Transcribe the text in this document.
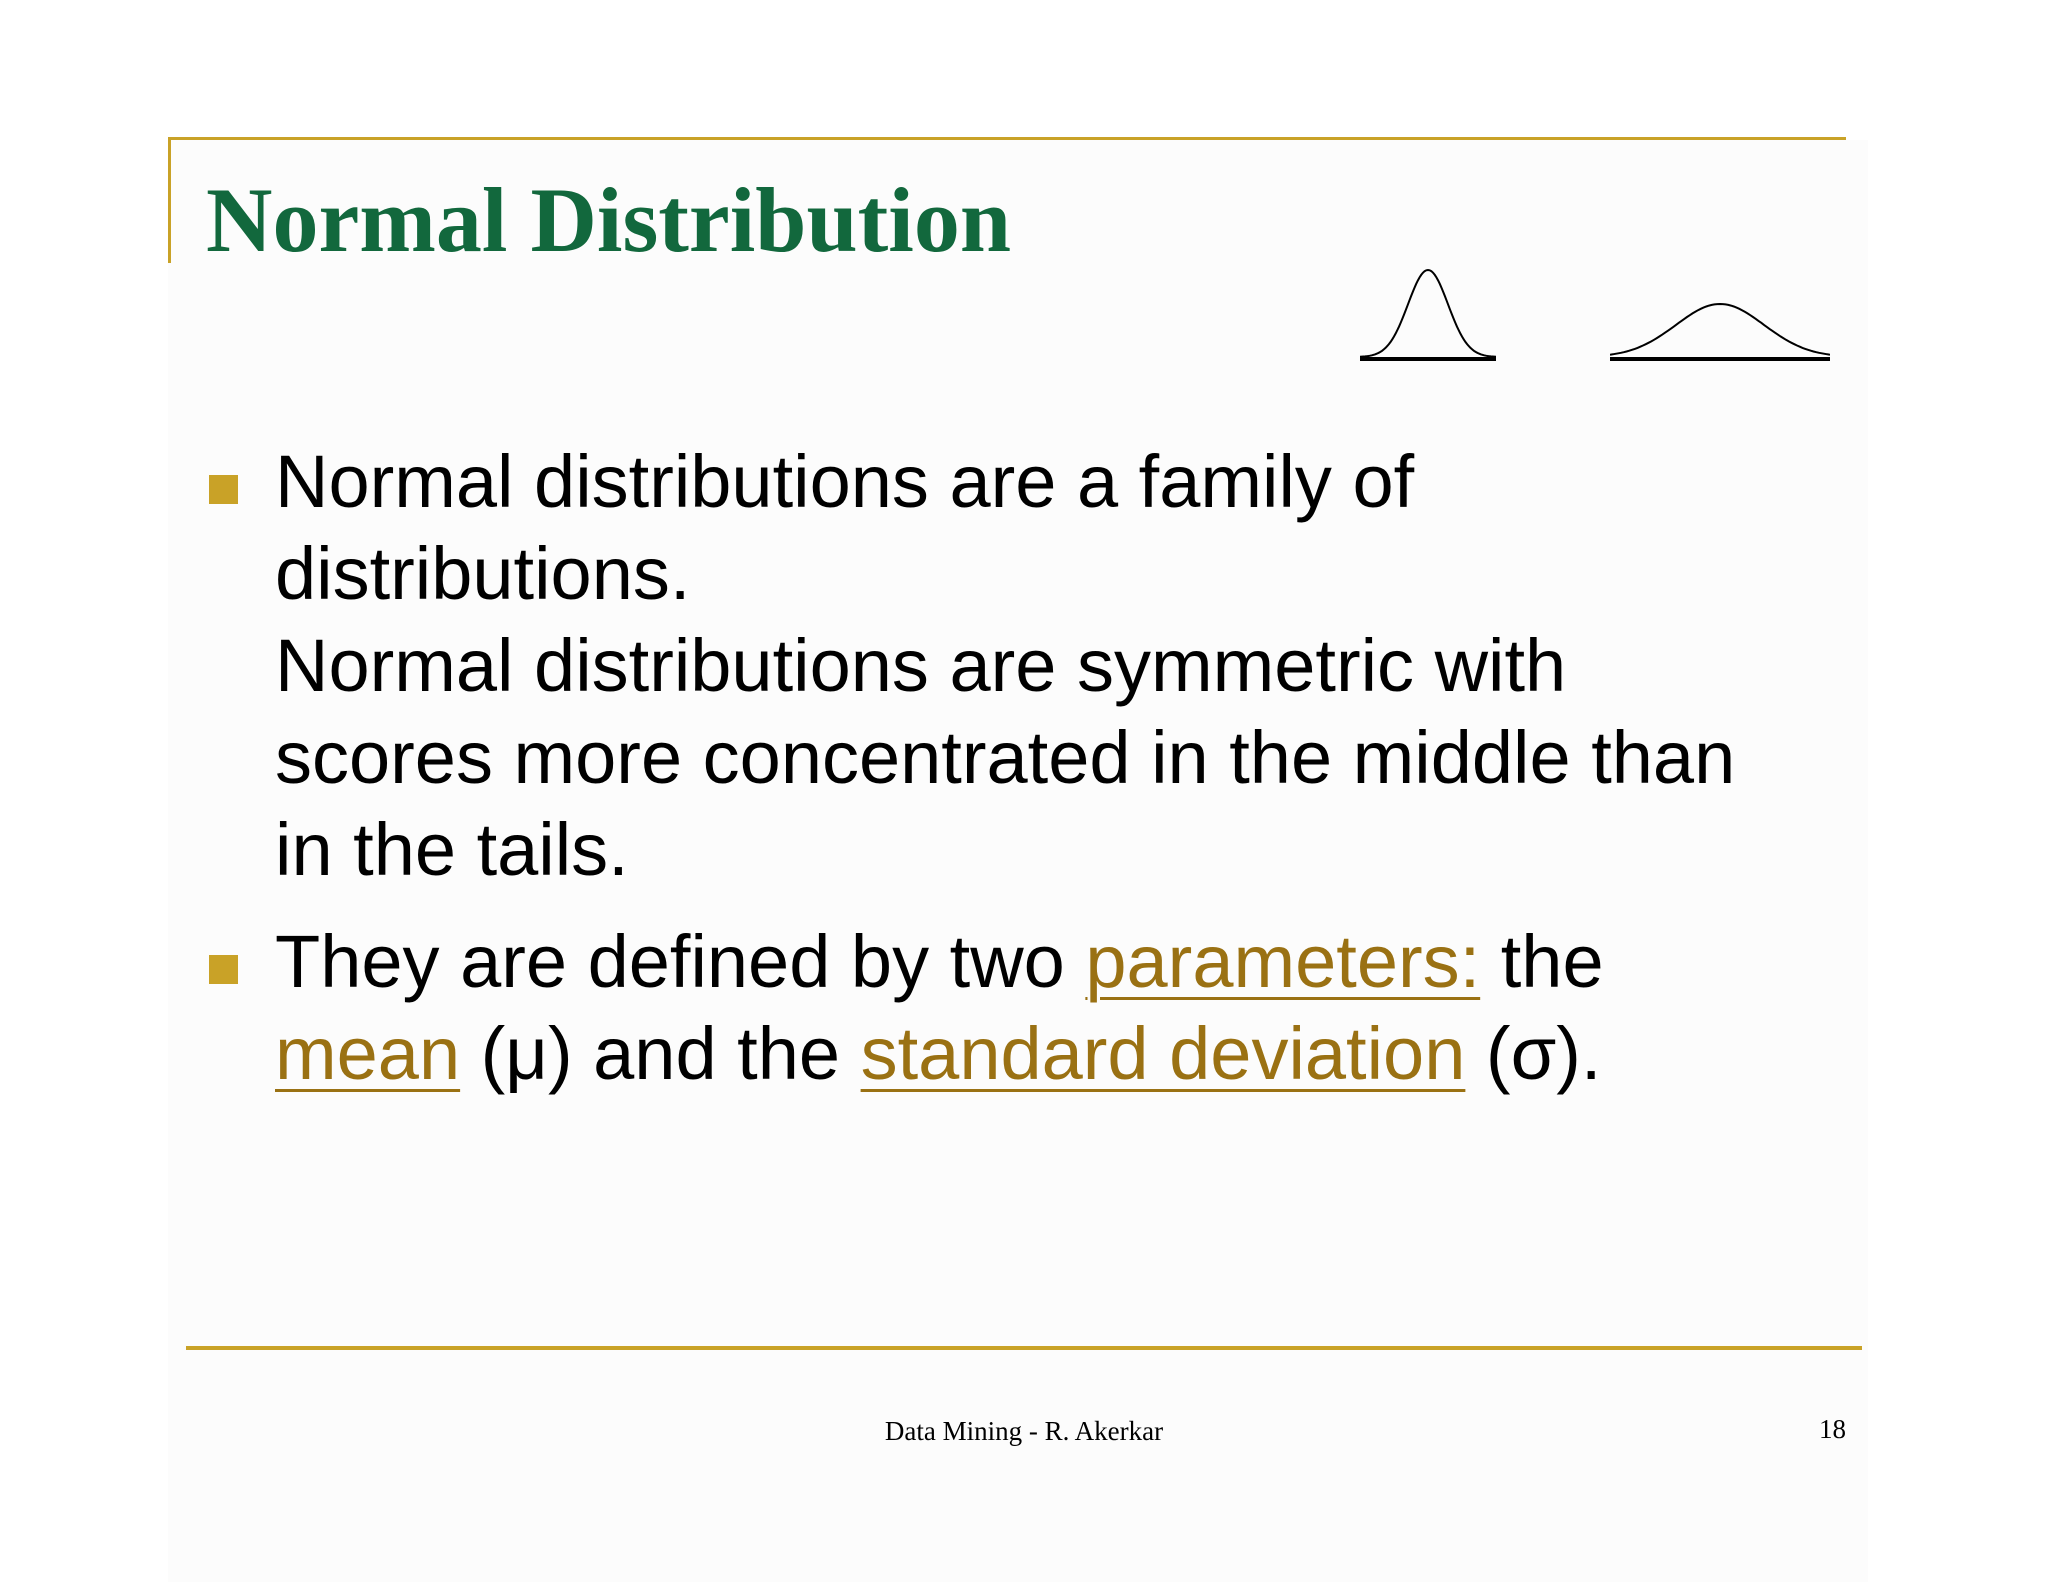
Normal Distribution
Normal distributions are a family of
distributions.
Normal distributions are symmetric with
scores more concentrated in the middle than
in the tails.
They are defined by two parameters: the
mean (μ) and the standard deviation (σ).
Data Mining - R. Akerkar	18
